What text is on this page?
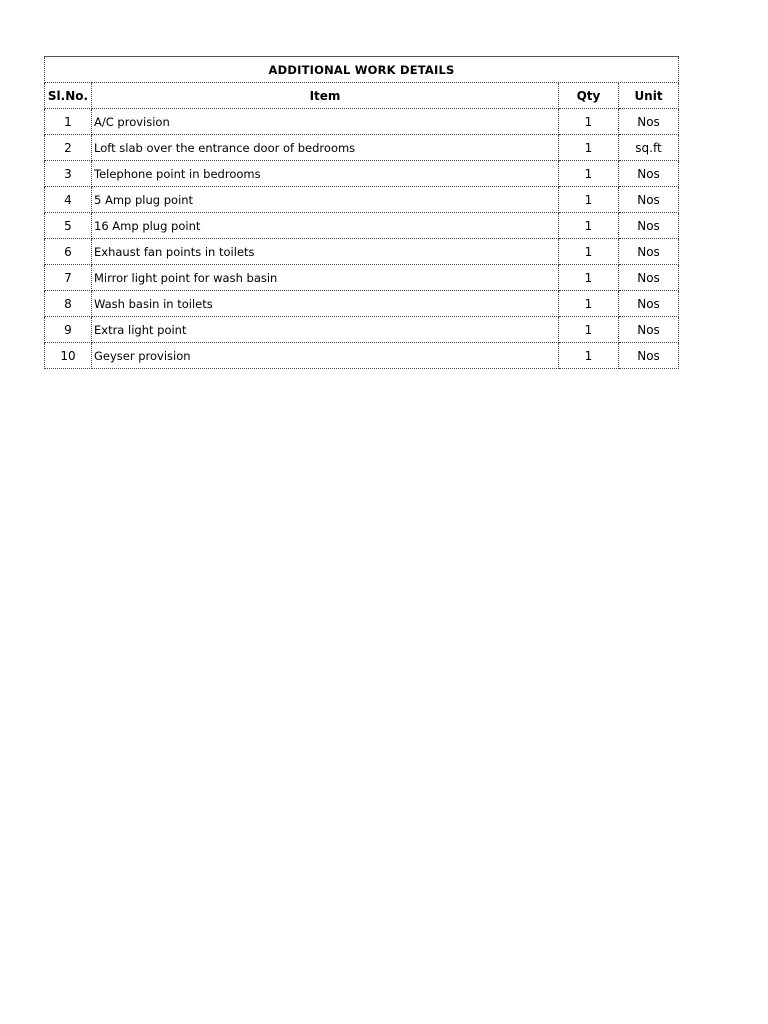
ADDITIONAL WORK DETAILS			
Sl.No.	Item	Qty	Unit
1	A/C provision	1	Nos
2	Loft slab over the entrance door of bedrooms	1	sq.ft
3	Telephone point in bedrooms	1	Nos
4	5 Amp plug point	1	Nos
5	16 Amp plug point	1	Nos
6	Exhaust fan points in toilets	1	Nos
7	Mirror light point for wash basin	1	Nos
8	Wash basin in toilets	1	Nos
9	Extra light point	1	Nos
10	Geyser provision	1	Nos
